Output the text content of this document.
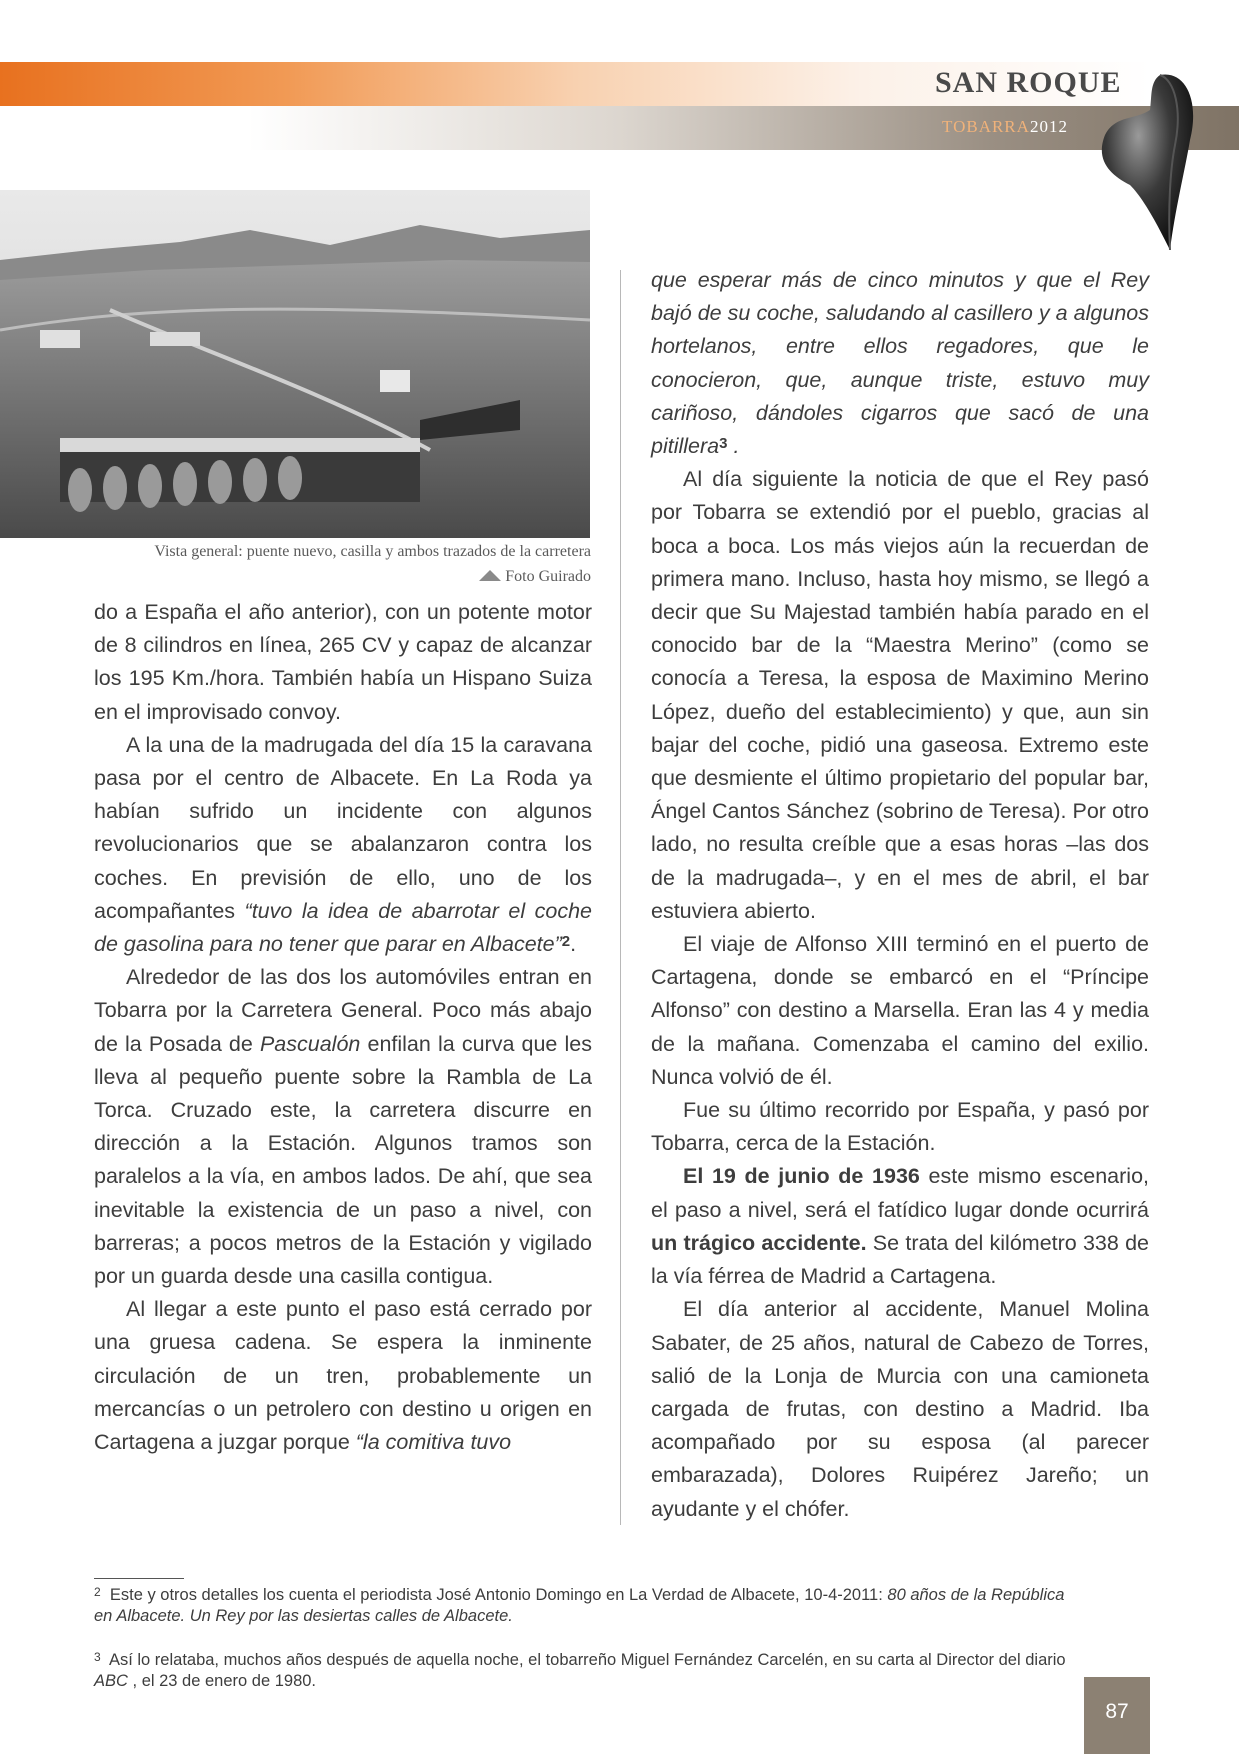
SAN ROQUE
TOBARRA2012
Vista general: puente nuevo, casilla y ambos trazados de la carretera
Foto Guirado

do a España el año anterior), con un potente motor de 8 cilindros en línea, 265 CV y capaz de alcanzar los 195 Km./hora. También había un Hispano Suiza en el improvisado convoy.

A la una de la madrugada del día 15 la caravana pasa por el centro de Albacete. En La Roda ya habían sufrido un incidente con algunos revolucionarios que se abalanzaron contra los coches. En previsión de ello, uno de los acompañantes “tuvo la idea de abarrotar el coche de gasolina para no tener que parar en Albacete”$^2$.

Alrededor de las dos los automóviles entran en Tobarra por la Carretera General. Poco más abajo de la Posada de Pascualón enfilan la curva que les lleva al pequeño puente sobre la Rambla de La Torca. Cruzado este, la carretera discurre en dirección a la Estación. Algunos tramos son paralelos a la vía, en ambos lados. De ahí, que sea inevitable la existencia de un paso a nivel, con barreras; a pocos metros de la Estación y vigilado por un guarda desde una casilla contigua.

Al llegar a este punto el paso está cerrado por una gruesa cadena. Se espera la inminente circulación de un tren, probablemente un mercancías o un petrolero con destino u origen en Cartagena a juzgar porque “la comitiva tuvo

que esperar más de cinco minutos y que el Rey bajó de su coche, saludando al casillero y a algunos hortelanos, entre ellos regadores, que le conocieron, que, aunque triste, estuvo muy cariñoso, dándoles cigarros que sacó de una pitillera$^3$ .

Al día siguiente la noticia de que el Rey pasó por Tobarra se extendió por el pueblo, gracias al boca a boca. Los más viejos aún la recuerdan de primera mano. Incluso, hasta hoy mismo, se llegó a decir que Su Majestad también había parado en el conocido bar de la “Maestra Merino” (como se conocía a Teresa, la esposa de Maximino Merino López, dueño del establecimiento) y que, aun sin bajar del coche, pidió una gaseosa. Extremo este que desmiente el último propietario del popular bar, Ángel Cantos Sánchez (sobrino de Teresa). Por otro lado, no resulta creíble que a esas horas –las dos de la madrugada–, y en el mes de abril, el bar estuviera abierto.

El viaje de Alfonso XIII terminó en el puerto de Cartagena, donde se embarcó en el “Príncipe Alfonso” con destino a Marsella. Eran las 4 y media de la mañana. Comenzaba el camino del exilio. Nunca volvió de él.

Fue su último recorrido por España, y pasó por Tobarra, cerca de la Estación.

El 19 de junio de 1936 este mismo escenario, el paso a nivel, será el fatídico lugar donde ocurrirá un trágico accidente. Se trata del kilómetro 338 de la vía férrea de Madrid a Cartagena.

El día anterior al accidente, Manuel Molina Sabater, de 25 años, natural de Cabezo de Torres, salió de la Lonja de Murcia con una camioneta cargada de frutas, con destino a Madrid. Iba acompañado por su esposa (al parecer embarazada), Dolores Ruipérez Jareño; un ayudante y el chófer.

$^2$ Este y otros detalles los cuenta el periodista José Antonio Domingo en La Verdad de Albacete, 10-4-2011: 80 años de la República en Albacete. Un Rey por las desiertas calles de Albacete.
$^3$ Así lo relataba, muchos años después de aquella noche, el tobarreño Miguel Fernández Carcelén, en su carta al Director del diario ABC , el 23 de enero de 1980.
87
